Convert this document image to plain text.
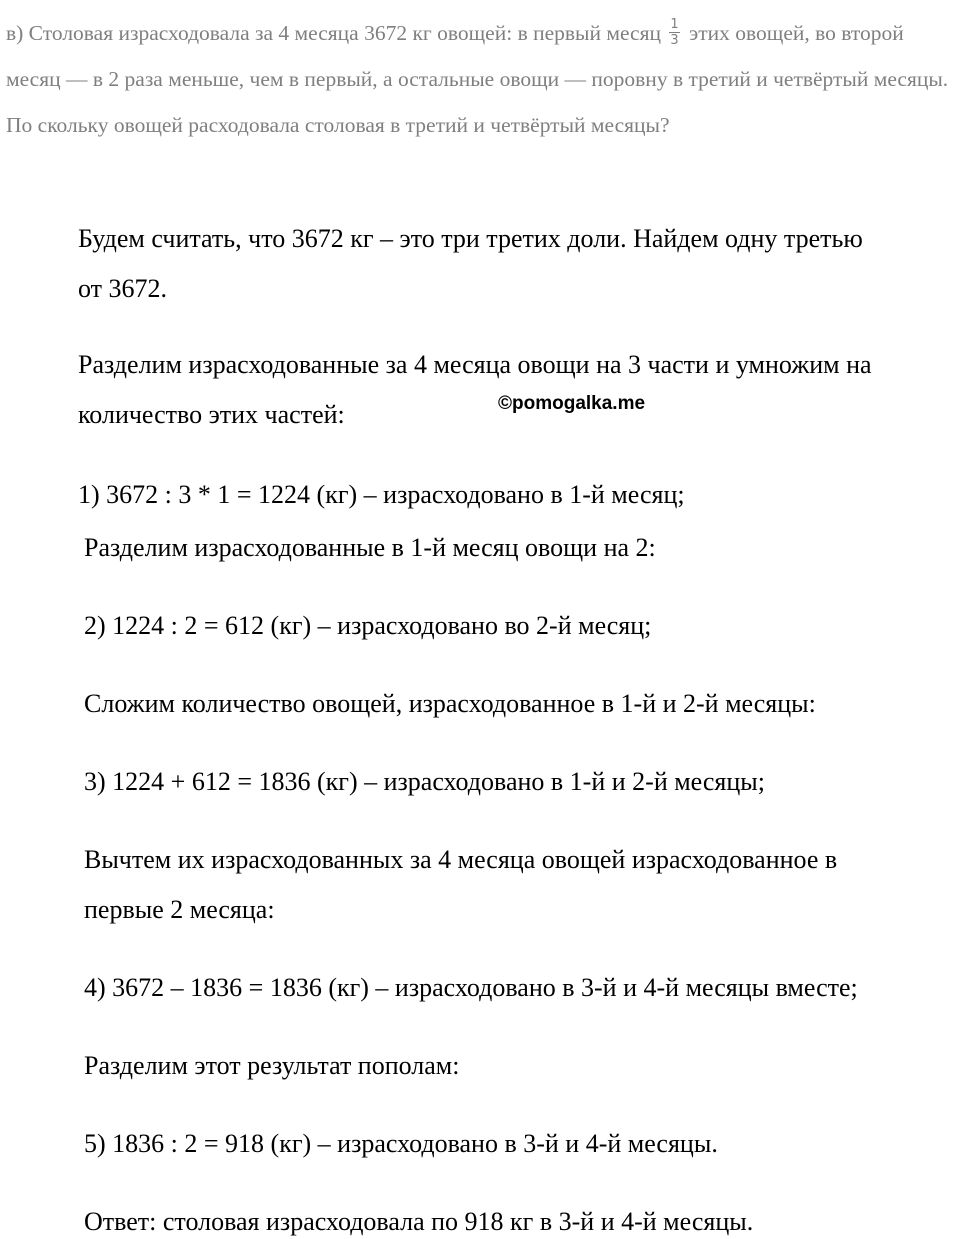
в) Столовая израсходовала за 4 месяца 3672 кг овощей: в первый месяц $\frac{1}{3}$ этих овощей, во второй месяц — в 2 раза меньше, чем в первый, а остальные овощи — поровну в третий и четвёртый месяцы. По скольку овощей расходовала столовая в третий и четвёртый месяцы?
Будем считать, что 3672 кг – это три третих доли. Найдем одну третью
от 3672.
Разделим израсходованные за 4 месяца овощи на 3 части и умножим на
количество этих частей:	©pomogalka.me
1) 3672 : 3 * 1 = 1224 (кг) – израсходовано в 1-й месяц;
Разделим израсходованные в 1-й месяц овощи на 2:
2) 1224 : 2 = 612 (кг) – израсходовано во 2-й месяц;
Сложим количество овощей, израсходованное в 1-й и 2-й месяцы:
3) 1224 + 612 = 1836 (кг) – израсходовано в 1-й и 2-й месяцы;
Вычтем их израсходованных за 4 месяца овощей израсходованное в
первые 2 месяца:
4) 3672 – 1836 = 1836 (кг) – израсходовано в 3-й и 4-й месяцы вместе;
Разделим этот результат пополам:
5) 1836 : 2 = 918 (кг) – израсходовано в 3-й и 4-й месяцы.
Ответ: столовая израсходовала по 918 кг в 3-й и 4-й месяцы.
